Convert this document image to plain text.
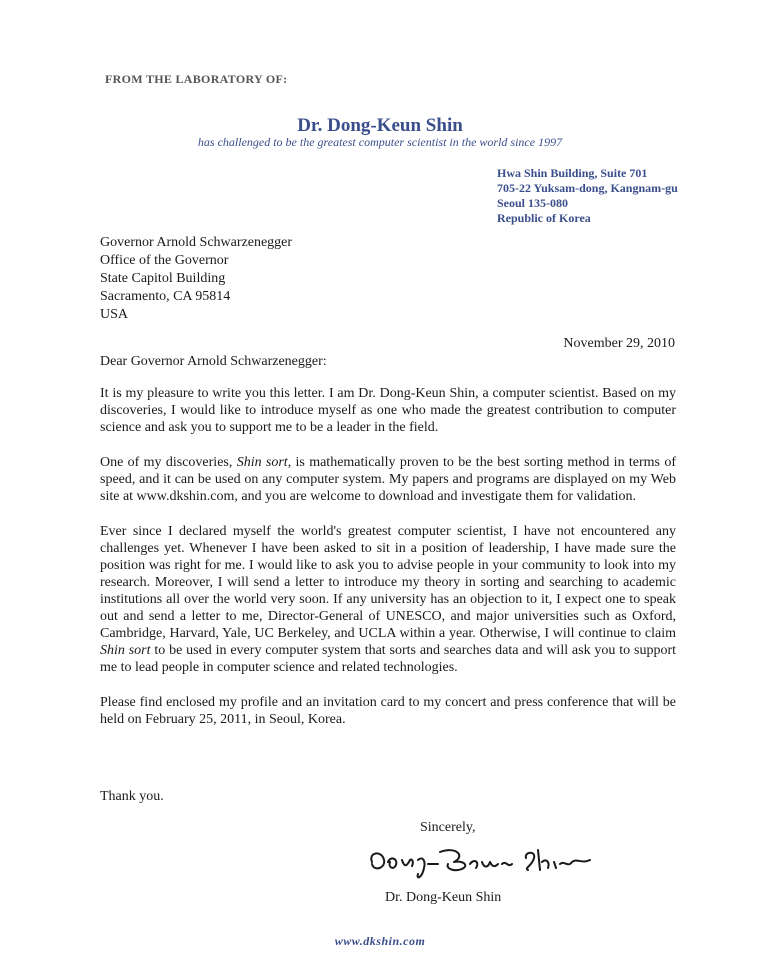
FROM THE LABORATORY OF:
Dr. Dong-Keun Shin
has challenged to be the greatest computer scientist in the world since 1997
Hwa Shin Building, Suite 701
705-22 Yuksam-dong, Kangnam-gu
Seoul 135-080
Republic of Korea
Governor Arnold Schwarzenegger
Office of the Governor
State Capitol Building
Sacramento, CA 95814
USA
November 29, 2010
Dear Governor Arnold Schwarzenegger:

It is my pleasure to write you this letter. I am Dr. Dong-Keun Shin, a computer scientist. Based on my discoveries, I would like to introduce myself as one who made the greatest contribution to computer science and ask you to support me to be a leader in the field.

One of my discoveries, Shin sort, is mathematically proven to be the best sorting method in terms of speed, and it can be used on any computer system. My papers and programs are displayed on my Web site at www.dkshin.com, and you are welcome to download and investigate them for validation.

Ever since I declared myself the world's greatest computer scientist, I have not encountered any challenges yet. Whenever I have been asked to sit in a position of leadership, I have made sure the position was right for me. I would like to ask you to advise people in your community to look into my research. Moreover, I will send a letter to introduce my theory in sorting and searching to academic institutions all over the world very soon. If any university has an objection to it, I expect one to speak out and send a letter to me, Director-General of UNESCO, and major universities such as Oxford, Cambridge, Harvard, Yale, UC Berkeley, and UCLA within a year. Otherwise, I will continue to claim Shin sort to be used in every computer system that sorts and searches data and will ask you to support me to lead people in computer science and related technologies.

Please find enclosed my profile and an invitation card to my concert and press conference that will be held on February 25, 2011, in Seoul, Korea.

Thank you.
Sincerely,
Dr. Dong-Keun Shin
www.dkshin.com
